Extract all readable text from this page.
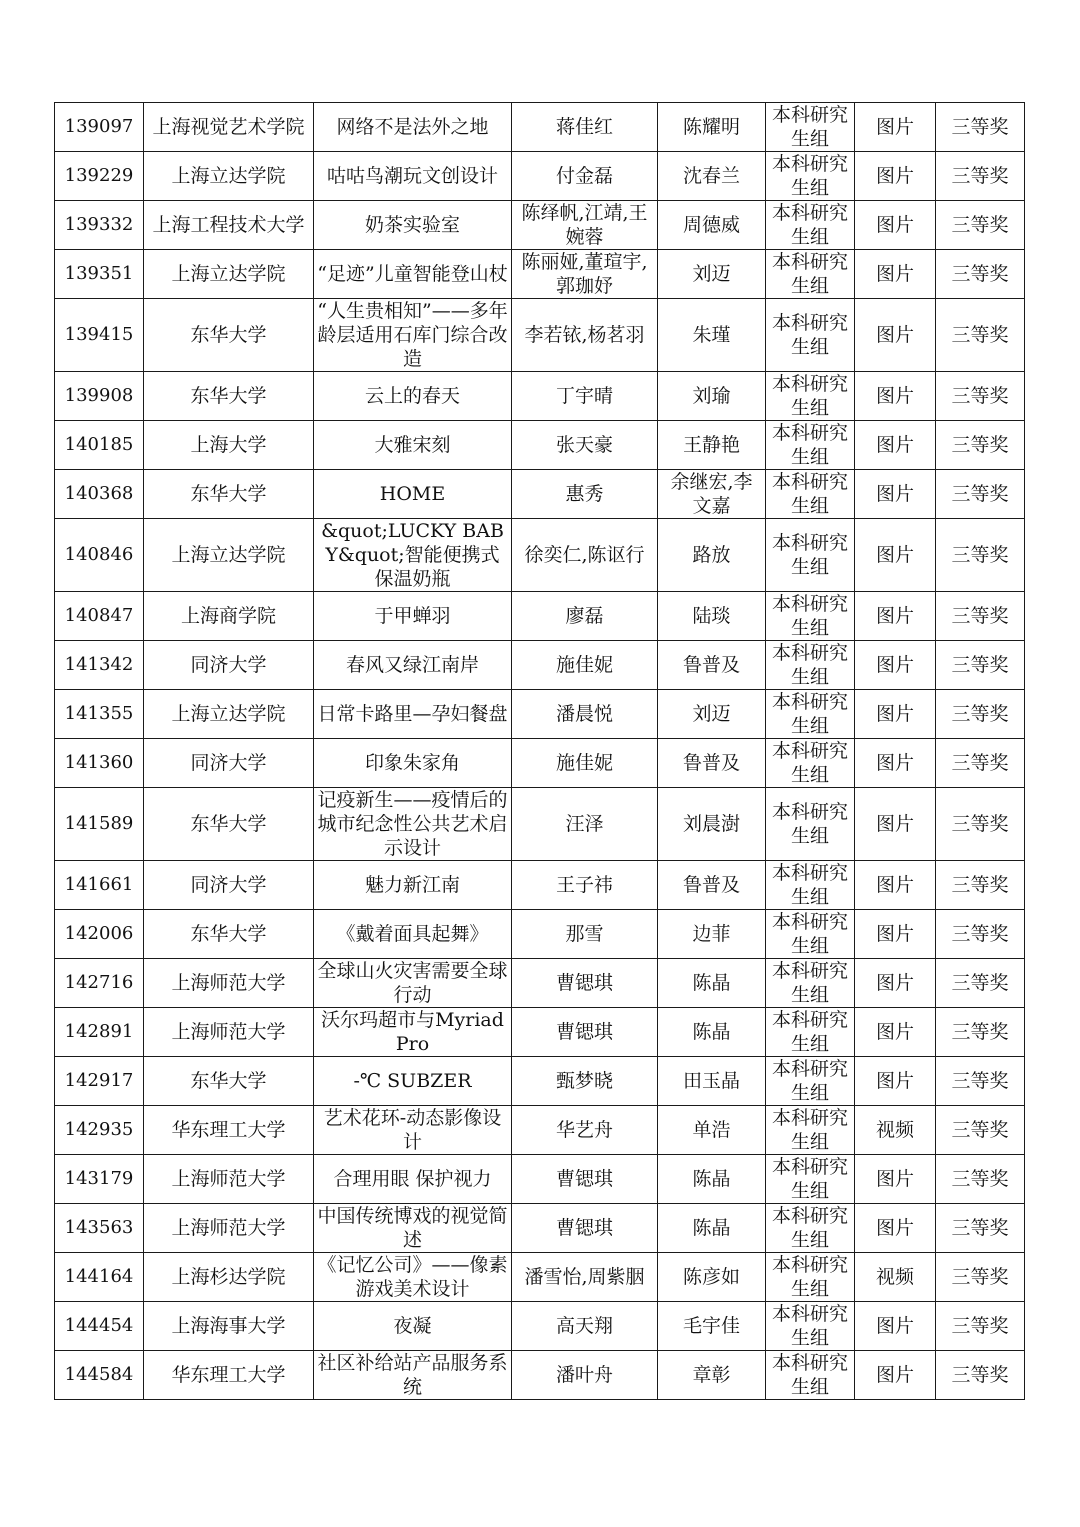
139097	上海视觉艺术学院	网络不是法外之地	蒋佳红	陈耀明	本科研究生组	图片	三等奖
139229	上海立达学院	咕咕鸟潮玩文创设计	付金磊	沈春兰	本科研究生组	图片	三等奖
139332	上海工程技术大学	奶茶实验室	陈绎帆,江靖,王婉蓉	周德威	本科研究生组	图片	三等奖
139351	上海立达学院	“足迹”儿童智能登山杖	陈丽娅,董瑄宇,郭珈妤	刘迈	本科研究生组	图片	三等奖
139415	东华大学	“人生贵相知”——多年龄层适用石库门综合改造	李若铱,杨茗羽	朱瑾	本科研究生组	图片	三等奖
139908	东华大学	云上的春天	丁宇晴	刘瑜	本科研究生组	图片	三等奖
140185	上海大学	大雅宋刻	张天豪	王静艳	本科研究生组	图片	三等奖
140368	东华大学	HOME	惠秀	余继宏,李文嘉	本科研究生组	图片	三等奖
140846	上海立达学院	&quot;LUCKY BABY&quot;智能便携式保温奶瓶	徐奕仁,陈讴行	路放	本科研究生组	图片	三等奖
140847	上海商学院	于甲蝉羽	廖磊	陆琰	本科研究生组	图片	三等奖
141342	同济大学	春风又绿江南岸	施佳妮	鲁普及	本科研究生组	图片	三等奖
141355	上海立达学院	日常卡路里—孕妇餐盘	潘晨悦	刘迈	本科研究生组	图片	三等奖
141360	同济大学	印象朱家角	施佳妮	鲁普及	本科研究生组	图片	三等奖
141589	东华大学	记疫新生——疫情后的城市纪念性公共艺术启示设计	汪泽	刘晨澍	本科研究生组	图片	三等奖
141661	同济大学	魅力新江南	王子祎	鲁普及	本科研究生组	图片	三等奖
142006	东华大学	《戴着面具起舞》	那雪	边菲	本科研究生组	图片	三等奖
142716	上海师范大学	全球山火灾害需要全球行动	曹锶琪	陈晶	本科研究生组	图片	三等奖
142891	上海师范大学	沃尔玛超市与Myriad Pro	曹锶琪	陈晶	本科研究生组	图片	三等奖
142917	东华大学	-℃ SUBZER	甄梦晓	田玉晶	本科研究生组	图片	三等奖
142935	华东理工大学	艺术花环-动态影像设计	华艺舟	单浩	本科研究生组	视频	三等奖
143179	上海师范大学	合理用眼 保护视力	曹锶琪	陈晶	本科研究生组	图片	三等奖
143563	上海师范大学	中国传统博戏的视觉简述	曹锶琪	陈晶	本科研究生组	图片	三等奖
144164	上海杉达学院	《记忆公司》——像素游戏美术设计	潘雪怡,周紫胭	陈彦如	本科研究生组	视频	三等奖
144454	上海海事大学	夜凝	高天翔	毛宇佳	本科研究生组	图片	三等奖
144584	华东理工大学	社区补给站产品服务系统	潘叶舟	章彰	本科研究生组	图片	三等奖
